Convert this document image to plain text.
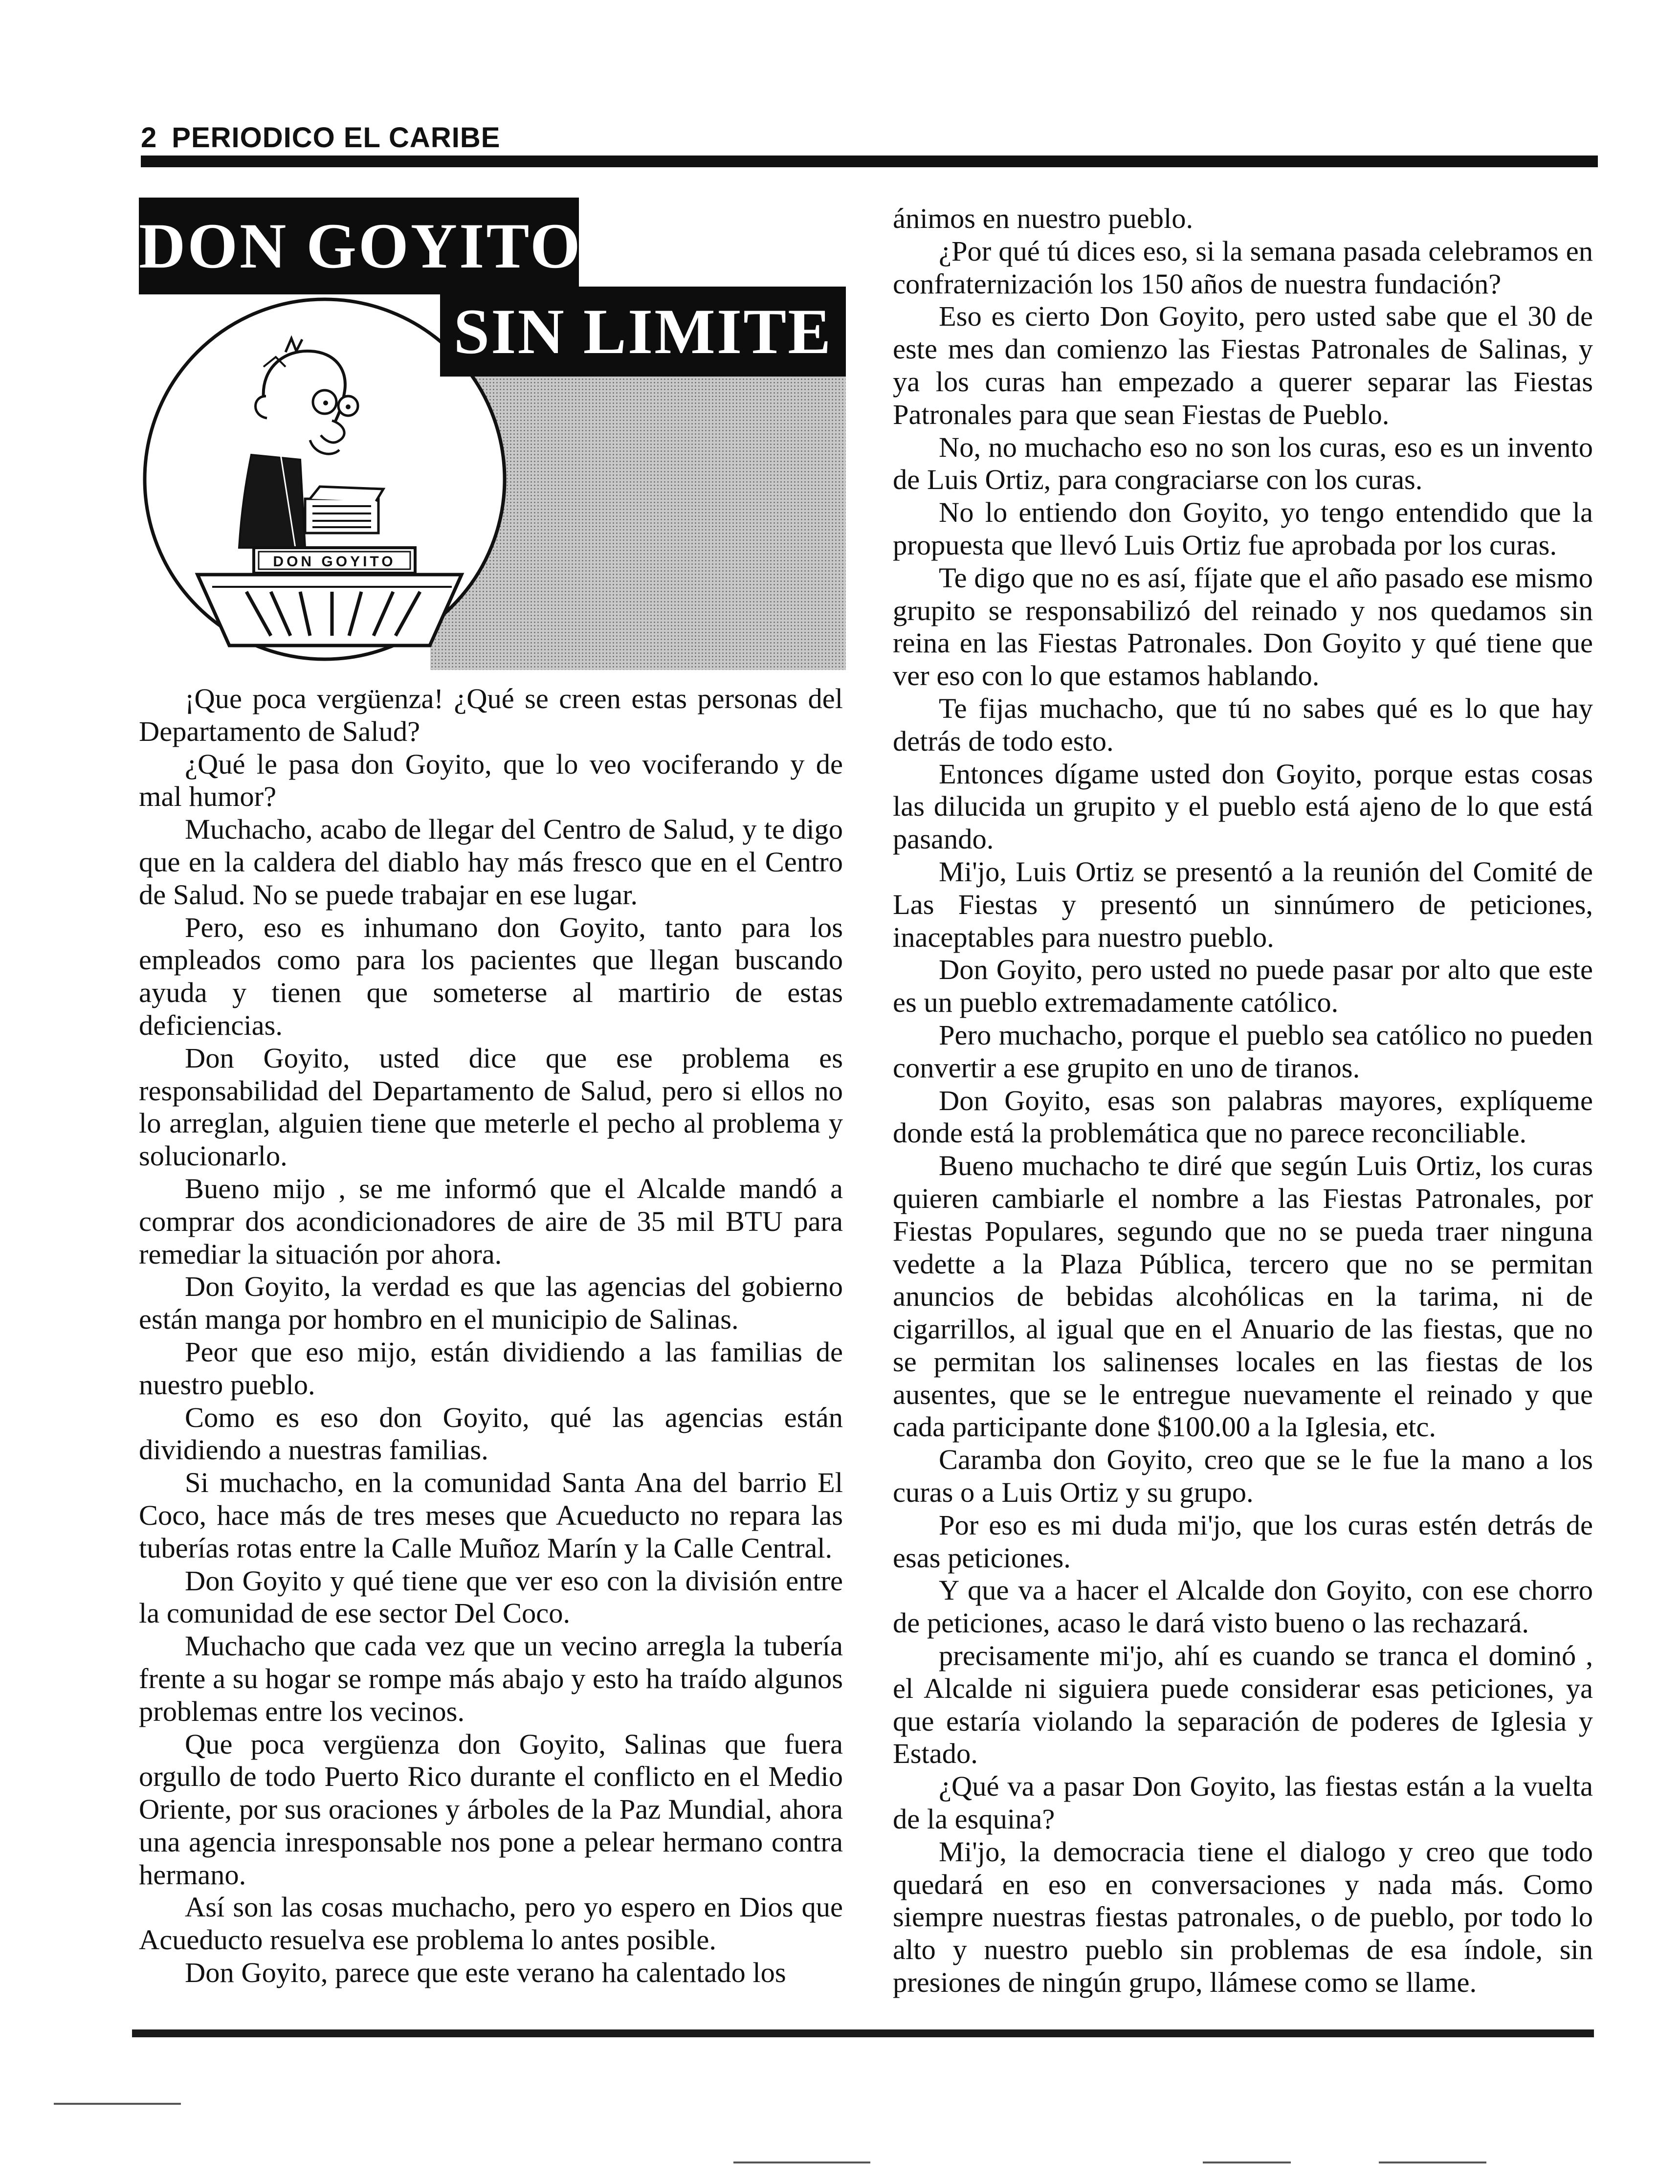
2 PERIODICO EL CARIBE
DON GOYITO
DON GOYITO
SIN LIMITE

¡Que poca vergüenza! ¿Qué se creen estas personas del Departamento de Salud?

¿Qué le pasa don Goyito, que lo veo vociferando y de mal humor?

Muchacho, acabo de llegar del Centro de Salud, y te digo que en la caldera del diablo hay más fresco que en el Centro de Salud. No se puede trabajar en ese lugar.

Pero, eso es inhumano don Goyito, tanto para los empleados como para los pacientes que llegan buscando ayuda y tienen que someterse al martirio de estas deficiencias.

Don Goyito, usted dice que ese problema es responsabilidad del Departamento de Salud, pero si ellos no lo arreglan, alguien tiene que meterle el pecho al problema y solucionarlo.

Bueno mijo , se me informó que el Alcalde mandó a comprar dos acondicionadores de aire de 35 mil BTU para remediar la situación por ahora.

Don Goyito, la verdad es que las agencias del gobierno están manga por hombro en el municipio de Salinas.

Peor que eso mijo, están dividiendo a las familias de nuestro pueblo.

Como es eso don Goyito, qué las agencias están dividiendo a nuestras familias.

Si muchacho, en la comunidad Santa Ana del barrio El Coco, hace más de tres meses que Acueducto no repara las tuberías rotas entre la Calle Muñoz Marín y la Calle Central.

Don Goyito y qué tiene que ver eso con la división entre la comunidad de ese sector Del Coco.

Muchacho que cada vez que un vecino arregla la tubería frente a su hogar se rompe más abajo y esto ha traído algunos problemas entre los vecinos.

Que poca vergüenza don Goyito, Salinas que fuera orgullo de todo Puerto Rico durante el conflicto en el Medio Oriente, por sus oraciones y árboles de la Paz Mundial, ahora una agencia inresponsable nos pone a pelear hermano contra hermano.

Así son las cosas muchacho, pero yo espero en Dios que Acueducto resuelva ese problema lo antes posible.

Don Goyito, parece que este verano ha calentado los

ánimos en nuestro pueblo.

¿Por qué tú dices eso, si la semana pasada celebramos en confraternización los 150 años de nuestra fundación?

Eso es cierto Don Goyito, pero usted sabe que el 30 de este mes dan comienzo las Fiestas Patronales de Salinas, y ya los curas han empezado a querer separar las Fiestas Patronales para que sean Fiestas de Pueblo.

No, no muchacho eso no son los curas, eso es un invento de Luis Ortiz, para congraciarse con los curas.

No lo entiendo don Goyito, yo tengo entendido que la propuesta que llevó Luis Ortiz fue aprobada por los curas.

Te digo que no es así, fíjate que el año pasado ese mismo grupito se responsabilizó del reinado y nos quedamos sin reina en las Fiestas Patronales. Don Goyito y qué tiene que ver eso con lo que estamos hablando.

Te fijas muchacho, que tú no sabes qué es lo que hay detrás de todo esto.

Entonces dígame usted don Goyito, porque estas cosas las dilucida un grupito y el pueblo está ajeno de lo que está pasando.

Mi'jo, Luis Ortiz se presentó a la reunión del Comité de Las Fiestas y presentó un sinnúmero de peticiones, inaceptables para nuestro pueblo.

Don Goyito, pero usted no puede pasar por alto que este es un pueblo extremadamente católico.

Pero muchacho, porque el pueblo sea católico no pueden convertir a ese grupito en uno de tiranos.

Don Goyito, esas son palabras mayores, explíqueme donde está la problemática que no parece reconciliable.

Bueno muchacho te diré que según Luis Ortiz, los curas quieren cambiarle el nombre a las Fiestas Patronales, por Fiestas Populares, segundo que no se pueda traer ninguna vedette a la Plaza Pública, tercero que no se permitan anuncios de bebidas alcohólicas en la tarima, ni de cigarrillos, al igual que en el Anuario de las fiestas, que no se permitan los salinenses locales en las fiestas de los ausentes, que se le entregue nuevamente el reinado y que cada participante done $100.00 a la Iglesia, etc.

Caramba don Goyito, creo que se le fue la mano a los curas o a Luis Ortiz y su grupo.

Por eso es mi duda mi'jo, que los curas estén detrás de esas peticiones.

Y que va a hacer el Alcalde don Goyito, con ese chorro de peticiones, acaso le dará visto bueno o las rechazará.

precisamente mi'jo, ahí es cuando se tranca el dominó , el Alcalde ni siguiera puede considerar esas peticiones, ya que estaría violando la separación de poderes de Iglesia y Estado.

¿Qué va a pasar Don Goyito, las fiestas están a la vuelta de la esquina?

Mi'jo, la democracia tiene el dialogo y creo que todo quedará en eso en conversaciones y nada más. Como siempre nuestras fiestas patronales, o de pueblo, por todo lo alto y nuestro pueblo sin problemas de esa índole, sin presiones de ningún grupo, llámese como se llame.
